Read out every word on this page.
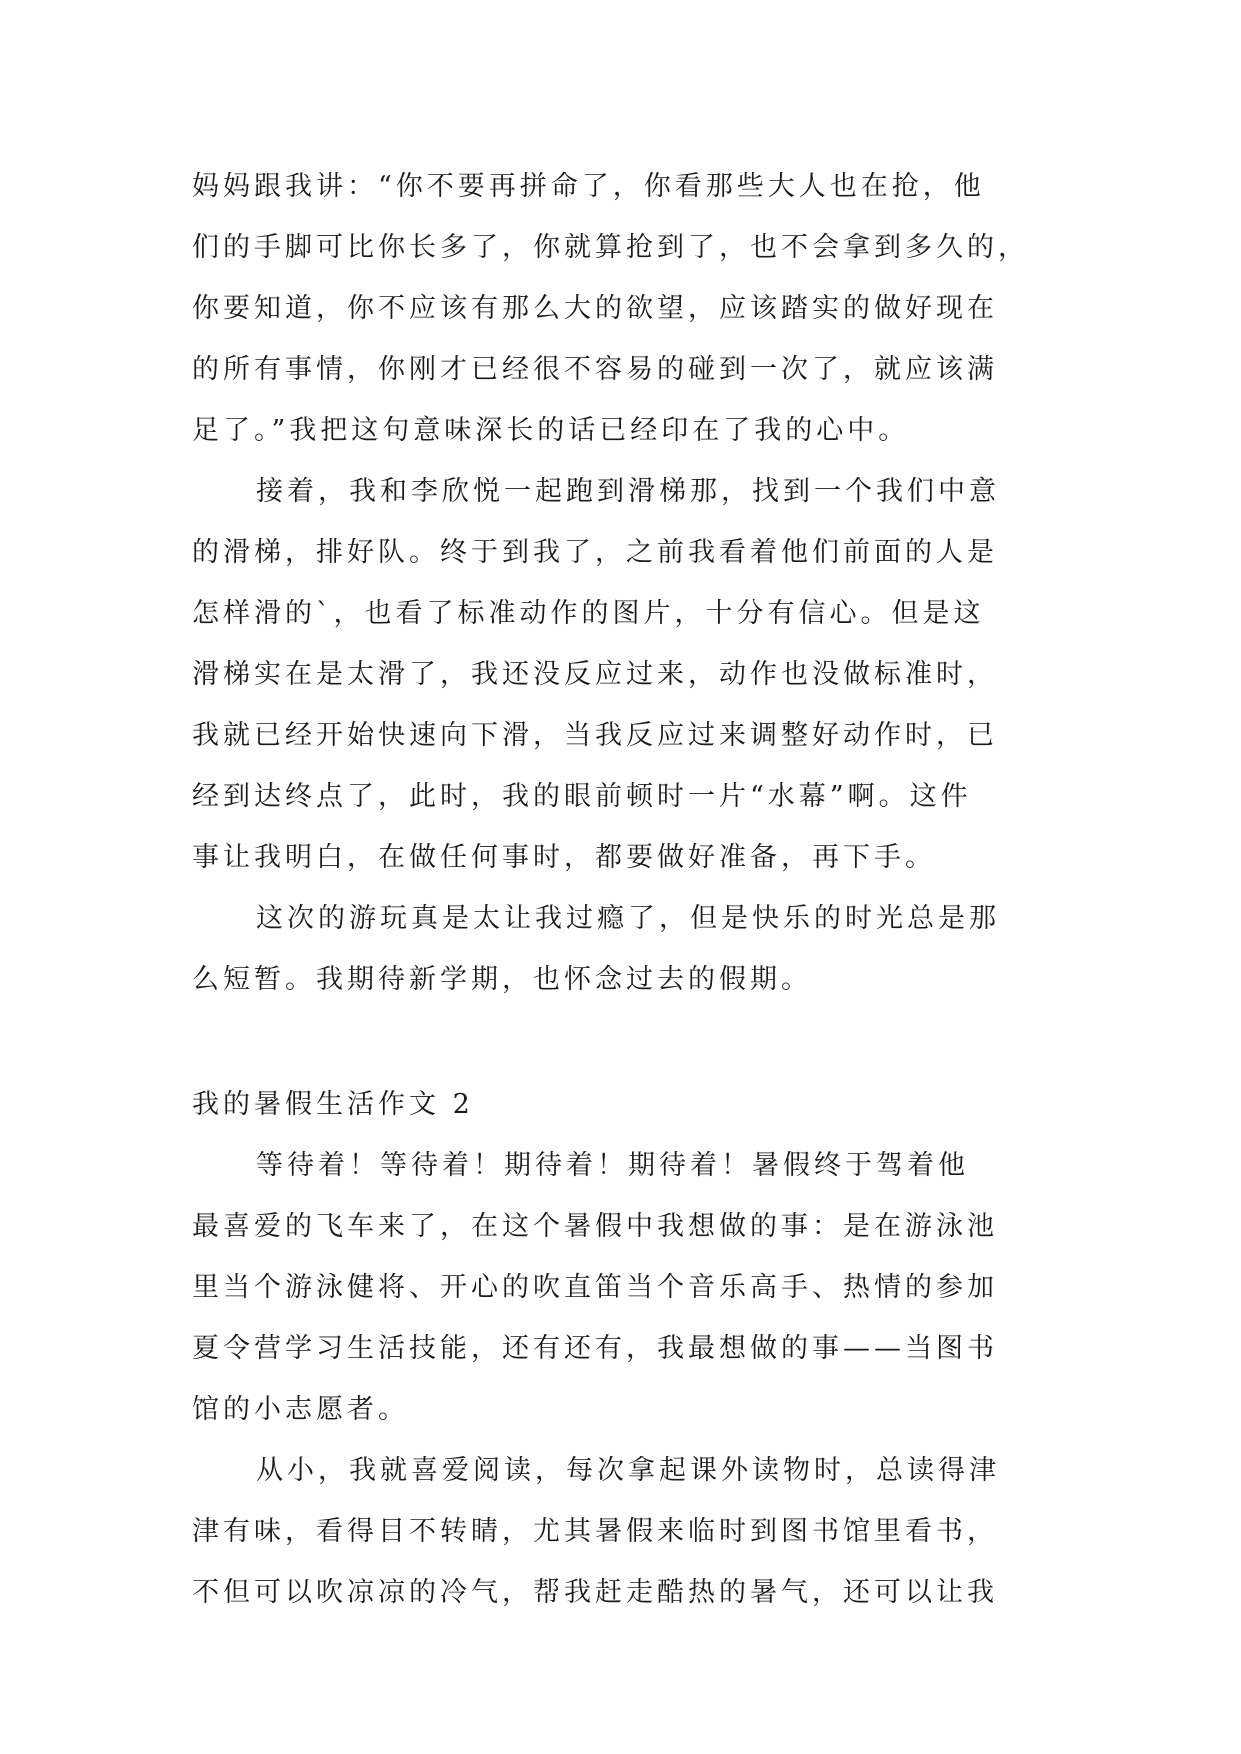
妈妈跟我讲：“你不要再拼命了，你看那些大人也在抢，他
们的手脚可比你长多了，你就算抢到了，也不会拿到多久的，
你要知道，你不应该有那么大的欲望，应该踏实的做好现在
的所有事情，你刚才已经很不容易的碰到一次了，就应该满
足了。”我把这句意味深长的话已经印在了我的心中。
接着，我和李欣悦一起跑到滑梯那，找到一个我们中意
的滑梯，排好队。终于到我了，之前我看着他们前面的人是
怎样滑的`，也看了标准动作的图片，十分有信心。但是这
滑梯实在是太滑了，我还没反应过来，动作也没做标准时，
我就已经开始快速向下滑，当我反应过来调整好动作时，已
经到达终点了，此时，我的眼前顿时一片“水幕”啊。这件
事让我明白，在做任何事时，都要做好准备，再下手。
这次的游玩真是太让我过瘾了，但是快乐的时光总是那
么短暂。我期待新学期，也怀念过去的假期。
我的暑假生活作文 2
等待着！等待着！期待着！期待着！暑假终于驾着他
最喜爱的飞车来了，在这个暑假中我想做的事：是在游泳池
里当个游泳健将、开心的吹直笛当个音乐高手、热情的参加
夏令营学习生活技能，还有还有，我最想做的事——当图书
馆的小志愿者。
从小，我就喜爱阅读，每次拿起课外读物时，总读得津
津有味，看得目不转睛，尤其暑假来临时到图书馆里看书，
不但可以吹凉凉的冷气，帮我赶走酷热的暑气，还可以让我
